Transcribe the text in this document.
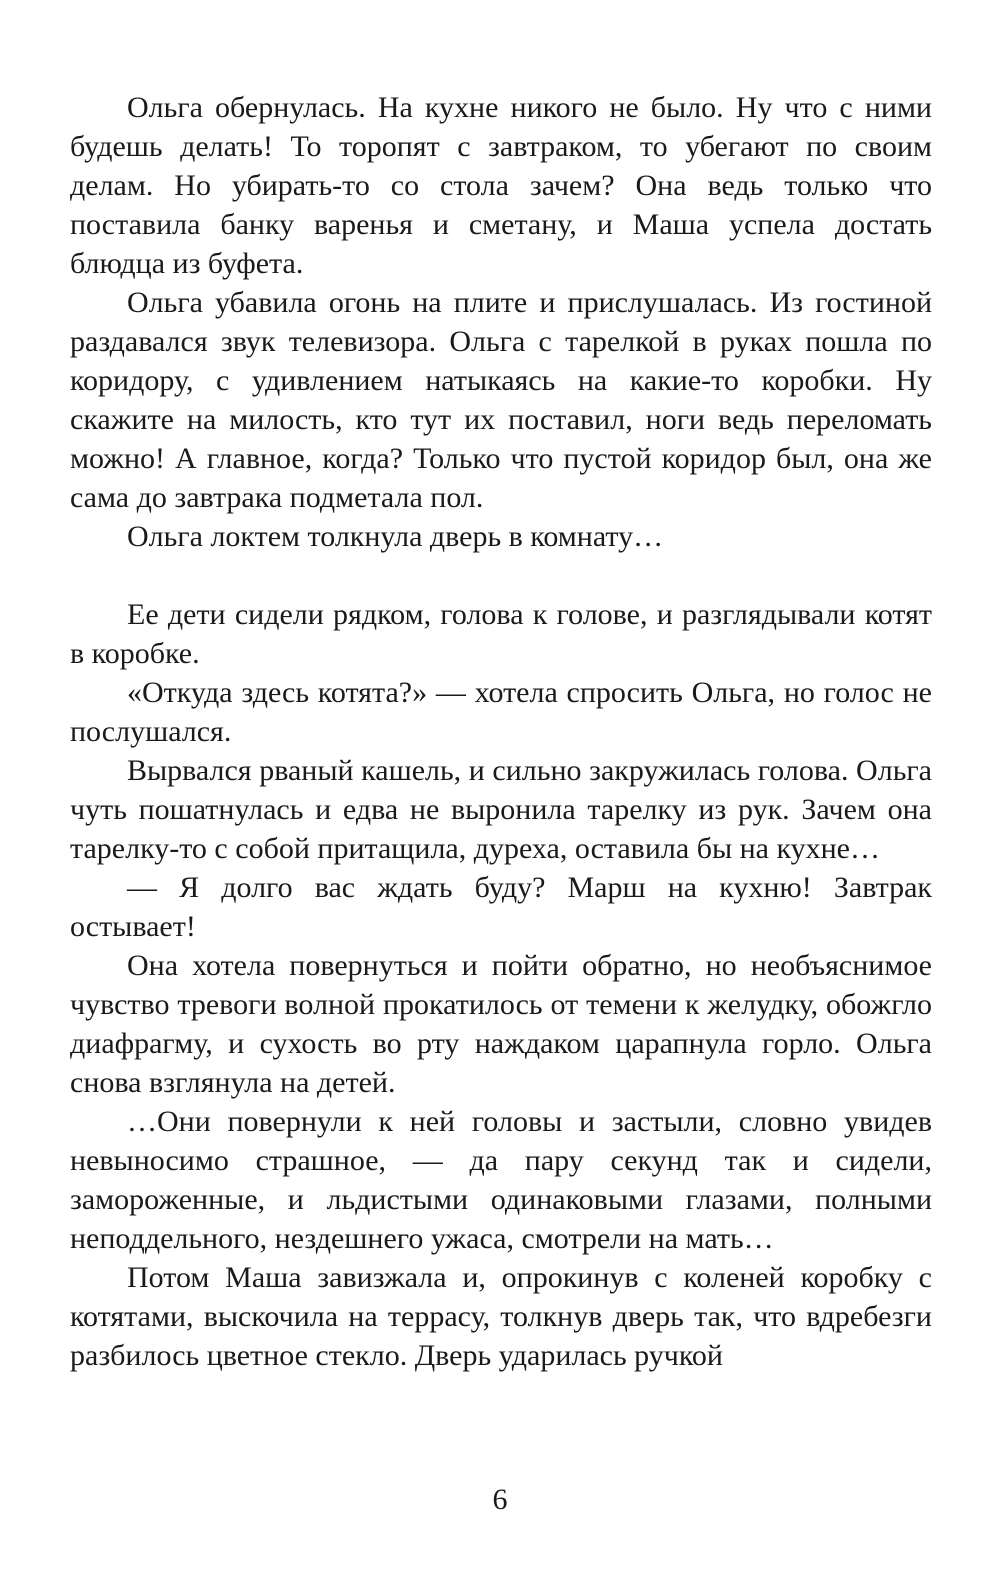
Ольга обернулась. На кухне никого не было. Ну что с ними будешь делать! То торопят с завтраком, то убегают по своим делам. Но убирать-то со стола зачем? Она ведь только что поставила банку варенья и сметану, и Маша успела достать блюдца из буфета.

Ольга убавила огонь на плите и прислушалась. Из гостиной раздавался звук телевизора. Ольга с тарелкой в руках пошла по коридору, с удивлением натыкаясь на какие-то коробки. Ну скажите на милость, кто тут их поставил, ноги ведь переломать можно! А главное, когда? Только что пустой коридор был, она же сама до завтрака подметала пол.

Ольга локтем толкнула дверь в комнату…

Ее дети сидели рядком, голова к голове, и разглядывали котят в коробке.

«Откуда здесь котята?» — хотела спросить Ольга, но голос не послушался.

Вырвался рваный кашель, и сильно закружилась голова. Ольга чуть пошатнулась и едва не выронила тарелку из рук. Зачем она тарелку-то с собой притащила, дуреха, оставила бы на кухне…

— Я долго вас ждать буду? Марш на кухню! Завтрак остывает!

Она хотела повернуться и пойти обратно, но необъяснимое чувство тревоги волной прокатилось от темени к желудку, обожгло диафрагму, и сухость во рту наждаком царапнула горло. Ольга снова взглянула на детей.

…Они повернули к ней головы и застыли, словно увидев невыносимо страшное, — да пару секунд так и сидели, замороженные, и льдистыми одинаковыми глазами, полными неподдельного, нездешнего ужаса, смотрели на мать…

Потом Маша завизжала и, опрокинув с коленей коробку с котятами, выскочила на террасу, толкнув дверь так, что вдребезги разбилось цветное стекло. Дверь ударилась ручкой

6
